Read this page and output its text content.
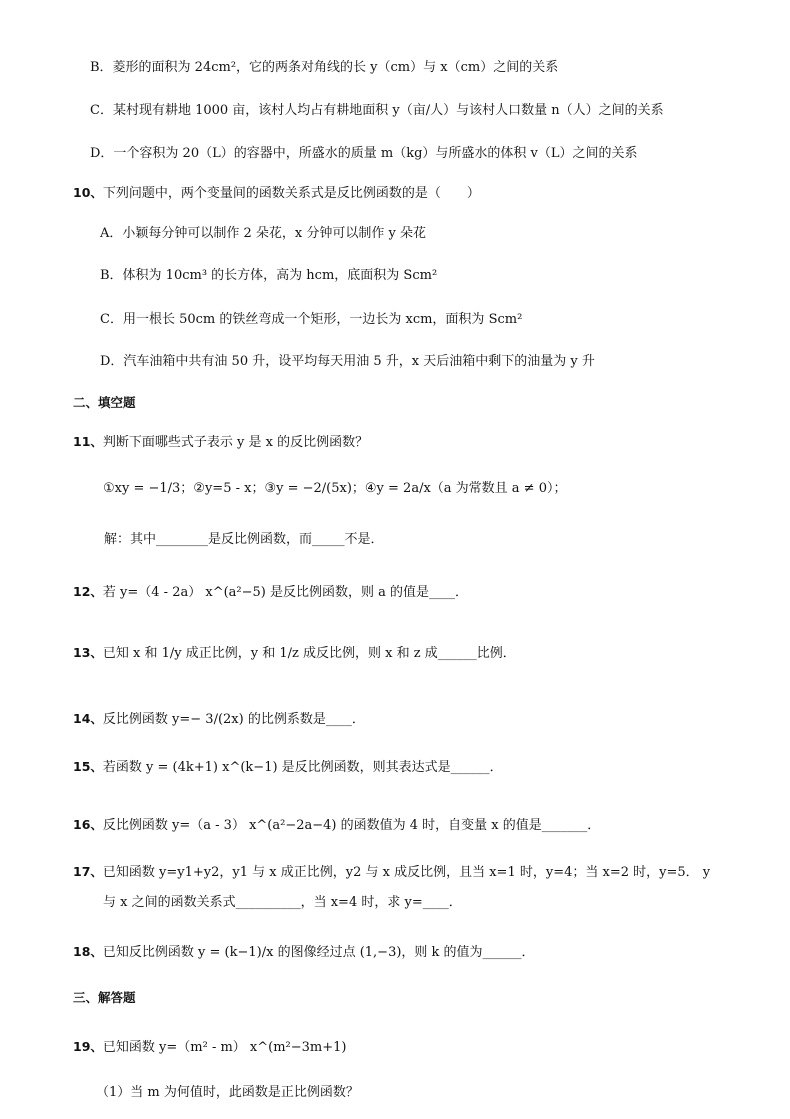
B．菱形的面积为 24cm²，它的两条对角线的长 y（cm）与 x（cm）之间的关系
C．某村现有耕地 1000 亩，该村人均占有耕地面积 y（亩/人）与该村人口数量 n（人）之间的关系
D．一个容积为 20（L）的容器中，所盛水的质量 m（kg）与所盛水的体积 v（L）之间的关系
10、下列问题中，两个变量间的函数关系式是反比例函数的是（　　）
A．小颖每分钟可以制作 2 朵花，x 分钟可以制作 y 朵花
B．体积为 10cm³ 的长方体，高为 hcm，底面积为 Scm²
C．用一根长 50cm 的铁丝弯成一个矩形，一边长为 xcm，面积为 Scm²
D．汽车油箱中共有油 50 升，设平均每天用油 5 升，x 天后油箱中剩下的油量为 y 升
二、填空题
11、判断下面哪些式子表示 y 是 x 的反比例函数？
①xy = −1/3；②y=5 - x；③y = −2/(5x)；④y = 2a/x（a 为常数且 a ≠ 0）；
解：其中________是反比例函数，而_____不是．
12、若 y=（4 - 2a） x^(a²−5) 是反比例函数，则 a 的值是____．
13、已知 x 和 1/y 成正比例，y 和 1/z 成反比例，则 x 和 z 成______比例．
14、反比例函数 y=− 3/(2x) 的比例系数是____．
15、若函数 y = (4k+1) x^(k−1) 是反比例函数，则其表达式是______．
16、反比例函数 y=（a - 3） x^(a²−2a−4) 的函数值为 4 时，自变量 x 的值是_______．
17、已知函数 y=y1+y2，y1 与 x 成正比例，y2 与 x 成反比例，且当 x=1 时，y=4；当 x=2 时，y=5． y
与 x 之间的函数关系式__________，当 x=4 时，求 y=____．
18、已知反比例函数 y = (k−1)/x 的图像经过点 (1,−3)，则 k 的值为______．
三、解答题
19、已知函数 y=（m² - m） x^(m²−3m+1)
（1）当 m 为何值时，此函数是正比例函数？
